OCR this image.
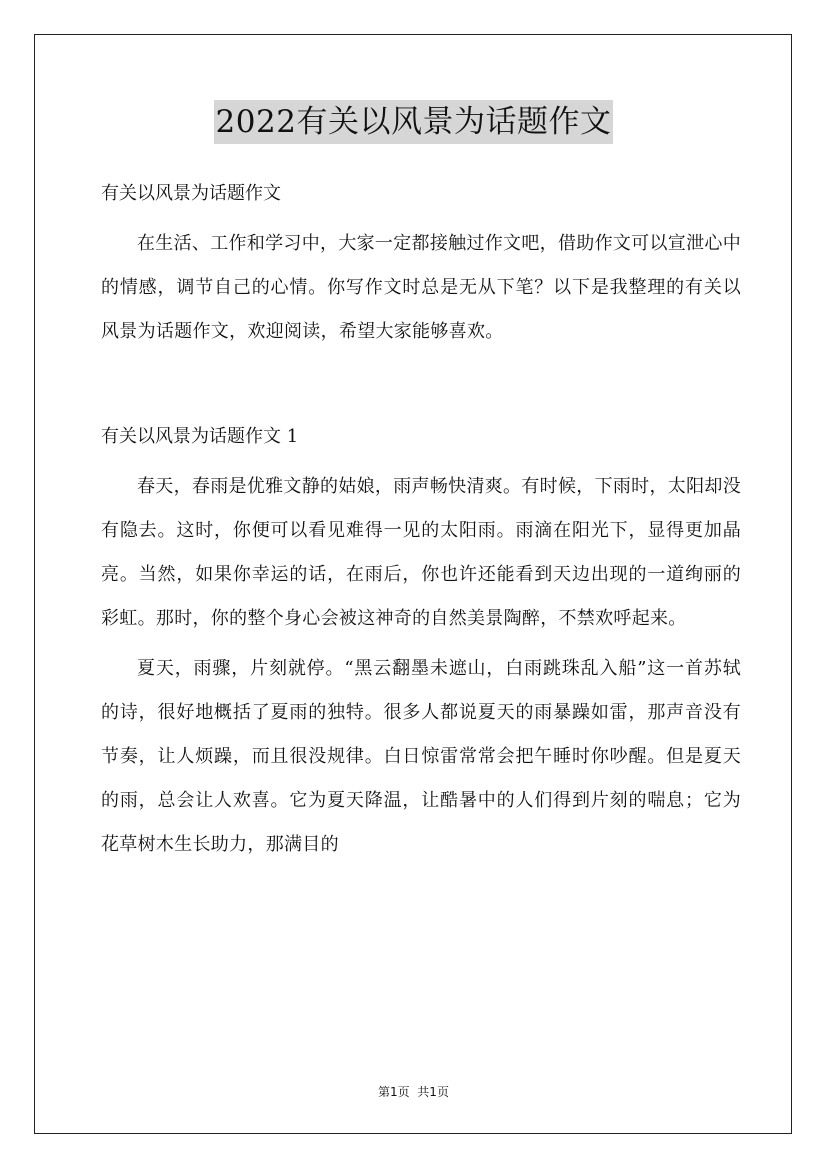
2022有关以风景为话题作文

有关以风景为话题作文

在生活、工作和学习中，大家一定都接触过作文吧，借助作文可以宣泄心中的情感，调节自己的心情。你写作文时总是无从下笔？以下是我整理的有关以风景为话题作文，欢迎阅读，希望大家能够喜欢。

有关以风景为话题作文 1

春天，春雨是优雅文静的姑娘，雨声畅快清爽。有时候，下雨时，太阳却没有隐去。这时，你便可以看见难得一见的太阳雨。雨滴在阳光下，显得更加晶亮。当然，如果你幸运的话，在雨后，你也许还能看到天边出现的一道绚丽的彩虹。那时，你的整个身心会被这神奇的自然美景陶醉，不禁欢呼起来。

夏天，雨骤，片刻就停。“黑云翻墨未遮山，白雨跳珠乱入船”这一首苏轼的诗，很好地概括了夏雨的独特。很多人都说夏天的雨暴躁如雷，那声音没有节奏，让人烦躁，而且很没规律。白日惊雷常常会把午睡时你吵醒。但是夏天的雨，总会让人欢喜。它为夏天降温，让酷暑中的人们得到片刻的喘息；它为花草树木生长助力，那满目的

第1页  共1页
